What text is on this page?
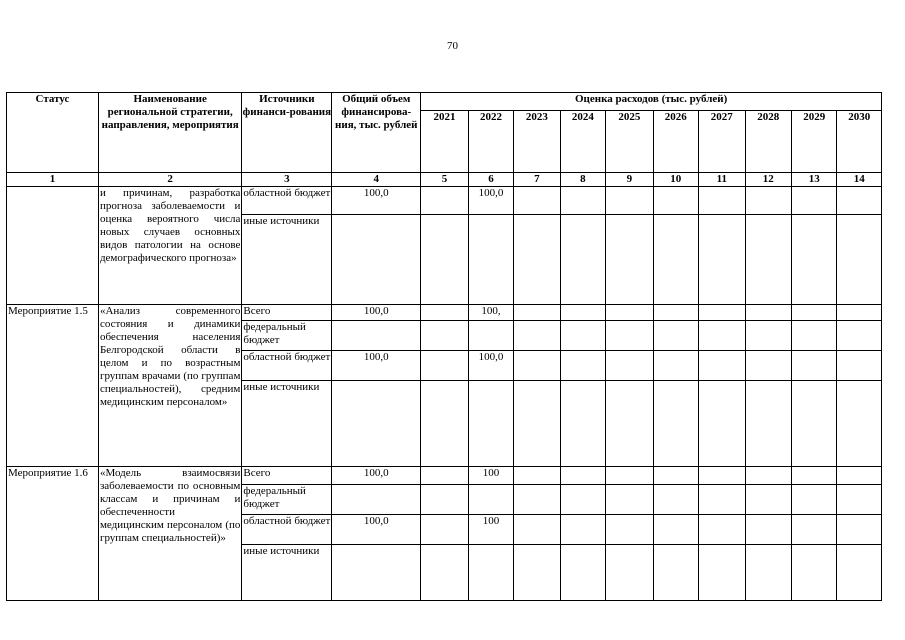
70
Статус	Наименование региональной стратегии, направления, мероприятия	Источники финанси-рования	Общий объем финансирова-ния, тыс. рублей	Оценка расходов (тыс. рублей)									
				2021	2022	2023	2024	2025	2026	2027	2028	2029	2030
1	2	3	4	5	6	7	8	9	10	11	12	13	14
	и причинам, разработка прогноза заболеваемости и оценка вероятного числа новых случаев основных видов патологии на основе демографического прогноза»	областной бюджет	100,0		100,0								
		иные источники											
Мероприятие 1.5	«Анализ современного состояния и динамики обеспечения населения Белгородской области в целом и по возрастным группам врачами (по группам специальностей), средним медицинским персоналом»	Всего	100,0		100,								
		федеральный бюджет											
		областной бюджет	100,0		100,0								
		иные источники											
Мероприятие 1.6	«Модель взаимосвязи заболеваемости по основным классам и причинам и обеспеченности медицинским персоналом (по группам специальностей)»	Всего	100,0		100								
		федеральный бюджет											
		областной бюджет	100,0		100								
		иные источники											
